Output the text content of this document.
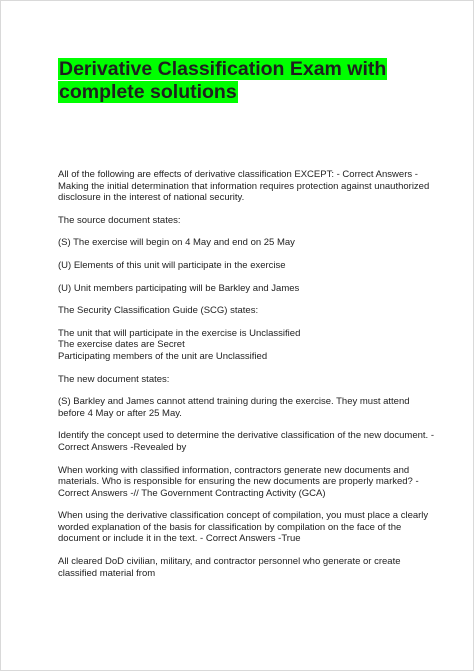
Derivative Classification Exam with complete solutions

All of the following are effects of derivative classification EXCEPT: - Correct Answers - Making the initial determination that information requires protection against unauthorized disclosure in the interest of national security.

The source document states:

(S) The exercise will begin on 4 May and end on 25 May

(U) Elements of this unit will participate in the exercise

(U) Unit members participating will be Barkley and James

The Security Classification Guide (SCG) states:

The unit that will participate in the exercise is Unclassified

The exercise dates are Secret

Participating members of the unit are Unclassified

The new document states:

(S) Barkley and James cannot attend training during the exercise. They must attend before 4 May or after 25 May.

Identify the concept used to determine the derivative classification of the new document. - Correct Answers -Revealed by

When working with classified information, contractors generate new documents and materials. Who is responsible for ensuring the new documents are properly marked? - Correct Answers -// The Government Contracting Activity (GCA)

When using the derivative classification concept of compilation, you must place a clearly worded explanation of the basis for classification by compilation on the face of the document or include it in the text. - Correct Answers -True

All cleared DoD civilian, military, and contractor personnel who generate or create classified material from
